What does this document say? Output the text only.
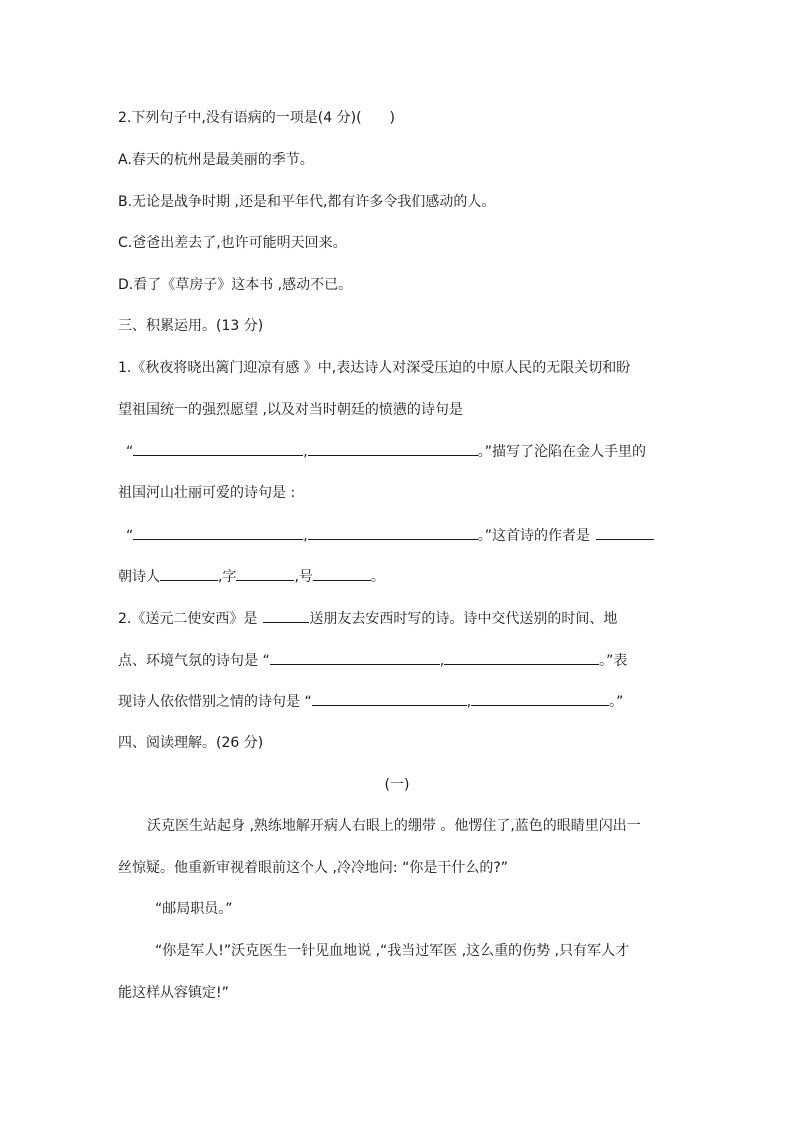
2.下列句子中,没有语病的一项是(4 分)(　　)
A.春天的杭州是最美丽的季节。
B.无论是战争时期 ,还是和平年代,都有许多令我们感动的人。
C.爸爸出差去了,也许可能明天回来。
D.看了《草房子》这本书 ,感动不已。
三、积累运用。(13 分)
1.《秋夜将晓出篱门迎凉有感 》中,表达诗人对深受压迫的中原人民的无限关切和盼
望祖国统一的强烈愿望 ,以及对当时朝廷的愤懑的诗句是
“	,	。”描写了沦陷在金人手里的
祖国河山壮丽可爱的诗句是 :
“	,	。”这首诗的作者是
朝诗人	,字	,号	。
2.《送元二使安西》是	送朋友去安西时写的诗。诗中交代送别的时间、地
点、环境气氛的诗句是 “	,	。”表
现诗人依依惜别之情的诗句是 “	,	。”
四、阅读理解。(26 分)
(一)
沃克医生站起身 ,熟练地解开病人右眼上的绷带 。他愣住了,蓝色的眼睛里闪出一
丝惊疑。他重新审视着眼前这个人 ,冷冷地问: “你是干什么的?”
“邮局职员。”
“你是军人!”沃克医生一针见血地说 ,“我当过军医 ,这么重的伤势 ,只有军人才
能这样从容镇定!”
